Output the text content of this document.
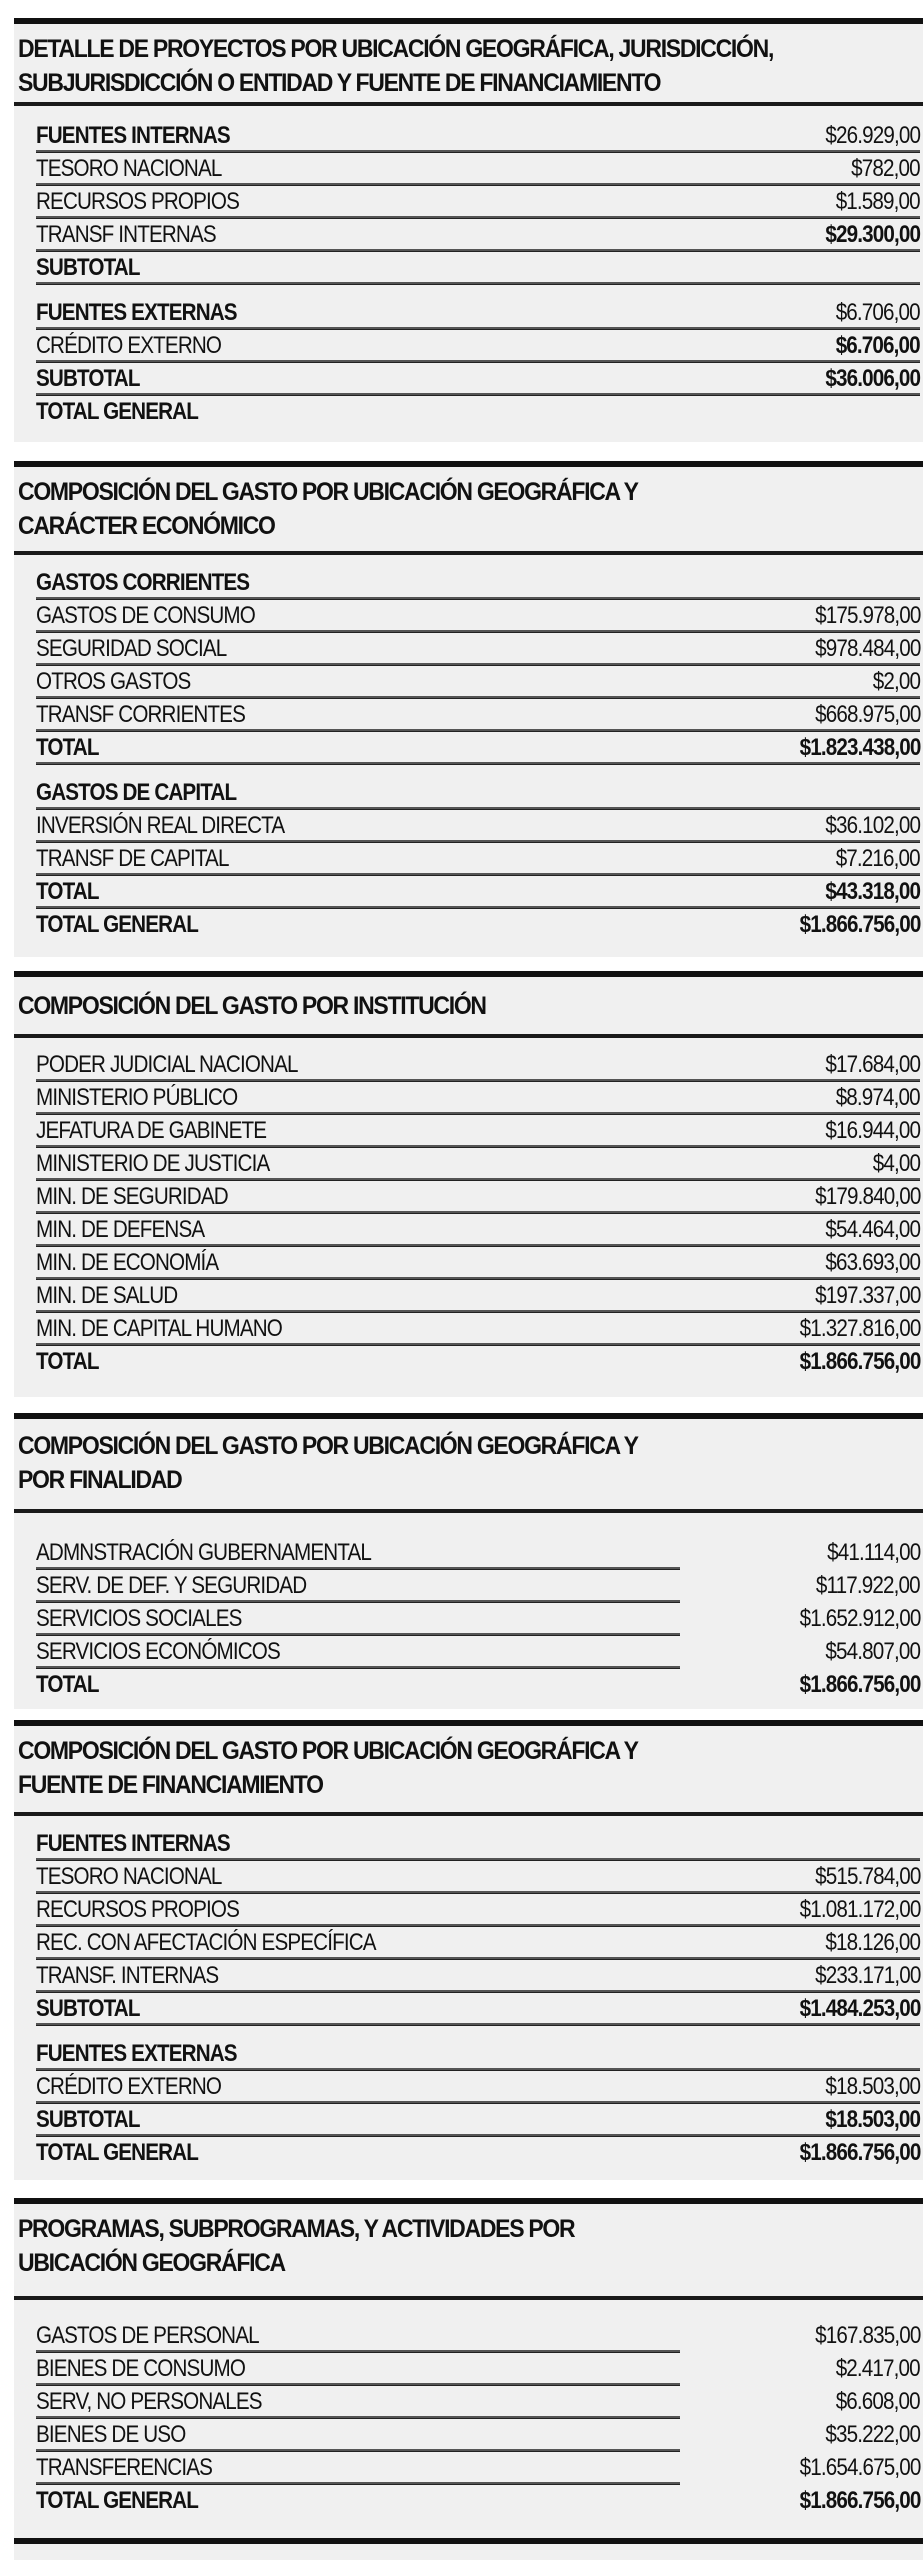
DETALLE DE PROYECTOS POR UBICACIÓN GEOGRÁFICA, JURISDICCIÓN,
SUBJURISDICCIÓN O ENTIDAD Y FUENTE DE FINANCIAMIENTO
FUENTES INTERNAS	$26.929,00
TESORO NACIONAL	$782,00
RECURSOS PROPIOS	$1.589,00
TRANSF INTERNAS	$29.300,00
SUBTOTAL
FUENTES EXTERNAS	$6.706,00
CRÉDITO EXTERNO	$6.706,00
SUBTOTAL	$36.006,00
TOTAL GENERAL
COMPOSICIÓN DEL GASTO POR UBICACIÓN GEOGRÁFICA Y
CARÁCTER ECONÓMICO
GASTOS CORRIENTES
GASTOS DE CONSUMO	$175.978,00
SEGURIDAD SOCIAL	$978.484,00
OTROS GASTOS	$2,00
TRANSF CORRIENTES	$668.975,00
TOTAL	$1.823.438,00
GASTOS DE CAPITAL
INVERSIÓN REAL DIRECTA	$36.102,00
TRANSF DE CAPITAL	$7.216,00
TOTAL	$43.318,00
TOTAL GENERAL	$1.866.756,00
COMPOSICIÓN DEL GASTO POR INSTITUCIÓN
PODER JUDICIAL NACIONAL	$17.684,00
MINISTERIO PÚBLICO	$8.974,00
JEFATURA DE GABINETE	$16.944,00
MINISTERIO DE JUSTICIA	$4,00
MIN. DE SEGURIDAD	$179.840,00
MIN. DE DEFENSA	$54.464,00
MIN. DE ECONOMÍA	$63.693,00
MIN. DE SALUD	$197.337,00
MIN. DE CAPITAL HUMANO	$1.327.816,00
TOTAL	$1.866.756,00
COMPOSICIÓN DEL GASTO POR UBICACIÓN GEOGRÁFICA Y
POR FINALIDAD
ADMNSTRACIÓN GUBERNAMENTAL	$41.114,00
SERV. DE DEF. Y SEGURIDAD	$117.922,00
SERVICIOS SOCIALES	$1.652.912,00
SERVICIOS ECONÓMICOS	$54.807,00
TOTAL	$1.866.756,00
COMPOSICIÓN DEL GASTO POR UBICACIÓN GEOGRÁFICA Y
FUENTE DE FINANCIAMIENTO
FUENTES INTERNAS
TESORO NACIONAL	$515.784,00
RECURSOS PROPIOS	$1.081.172,00
REC. CON AFECTACIÓN ESPECÍFICA	$18.126,00
TRANSF. INTERNAS	$233.171,00
SUBTOTAL	$1.484.253,00
FUENTES EXTERNAS
CRÉDITO EXTERNO	$18.503,00
SUBTOTAL	$18.503,00
TOTAL GENERAL	$1.866.756,00
PROGRAMAS, SUBPROGRAMAS, Y ACTIVIDADES POR
UBICACIÓN GEOGRÁFICA
GASTOS DE PERSONAL	$167.835,00
BIENES DE CONSUMO	$2.417,00
SERV, NO PERSONALES	$6.608,00
BIENES DE USO	$35.222,00
TRANSFERENCIAS	$1.654.675,00
TOTAL GENERAL	$1.866.756,00
